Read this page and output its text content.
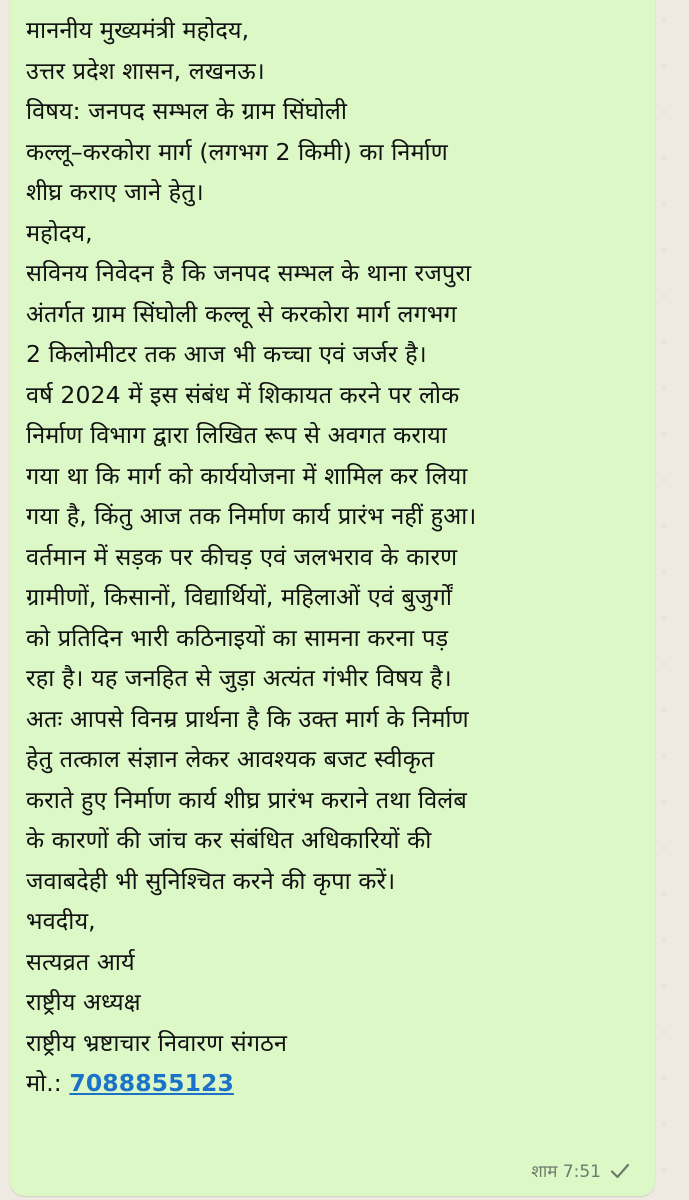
माननीय मुख्यमंत्री महोदय,
उत्तर प्रदेश शासन, लखनऊ।
विषय: जनपद सम्भल के ग्राम सिंघोली
कल्लू–करकोरा मार्ग (लगभग 2 किमी) का निर्माण
शीघ्र कराए जाने हेतु।
महोदय,
सविनय निवेदन है कि जनपद सम्भल के थाना रजपुरा
अंतर्गत ग्राम सिंघोली कल्लू से करकोरा मार्ग लगभग
2 किलोमीटर तक आज भी कच्चा एवं जर्जर है।
वर्ष 2024 में इस संबंध में शिकायत करने पर लोक
निर्माण विभाग द्वारा लिखित रूप से अवगत कराया
गया था कि मार्ग को कार्ययोजना में शामिल कर लिया
गया है, किंतु आज तक निर्माण कार्य प्रारंभ नहीं हुआ।
वर्तमान में सड़क पर कीचड़ एवं जलभराव के कारण
ग्रामीणों, किसानों, विद्यार्थियों, महिलाओं एवं बुजुर्गों
को प्रतिदिन भारी कठिनाइयों का सामना करना पड़
रहा है। यह जनहित से जुड़ा अत्यंत गंभीर विषय है।
अतः आपसे विनम्र प्रार्थना है कि उक्त मार्ग के निर्माण
हेतु तत्काल संज्ञान लेकर आवश्यक बजट स्वीकृत
कराते हुए निर्माण कार्य शीघ्र प्रारंभ कराने तथा विलंब
के कारणों की जांच कर संबंधित अधिकारियों की
जवाबदेही भी सुनिश्चित करने की कृपा करें।
भवदीय,
सत्यव्रत आर्य
राष्ट्रीय अध्यक्ष
राष्ट्रीय भ्रष्टाचार निवारण संगठन
मो.: 7088855123
शाम 7:51
